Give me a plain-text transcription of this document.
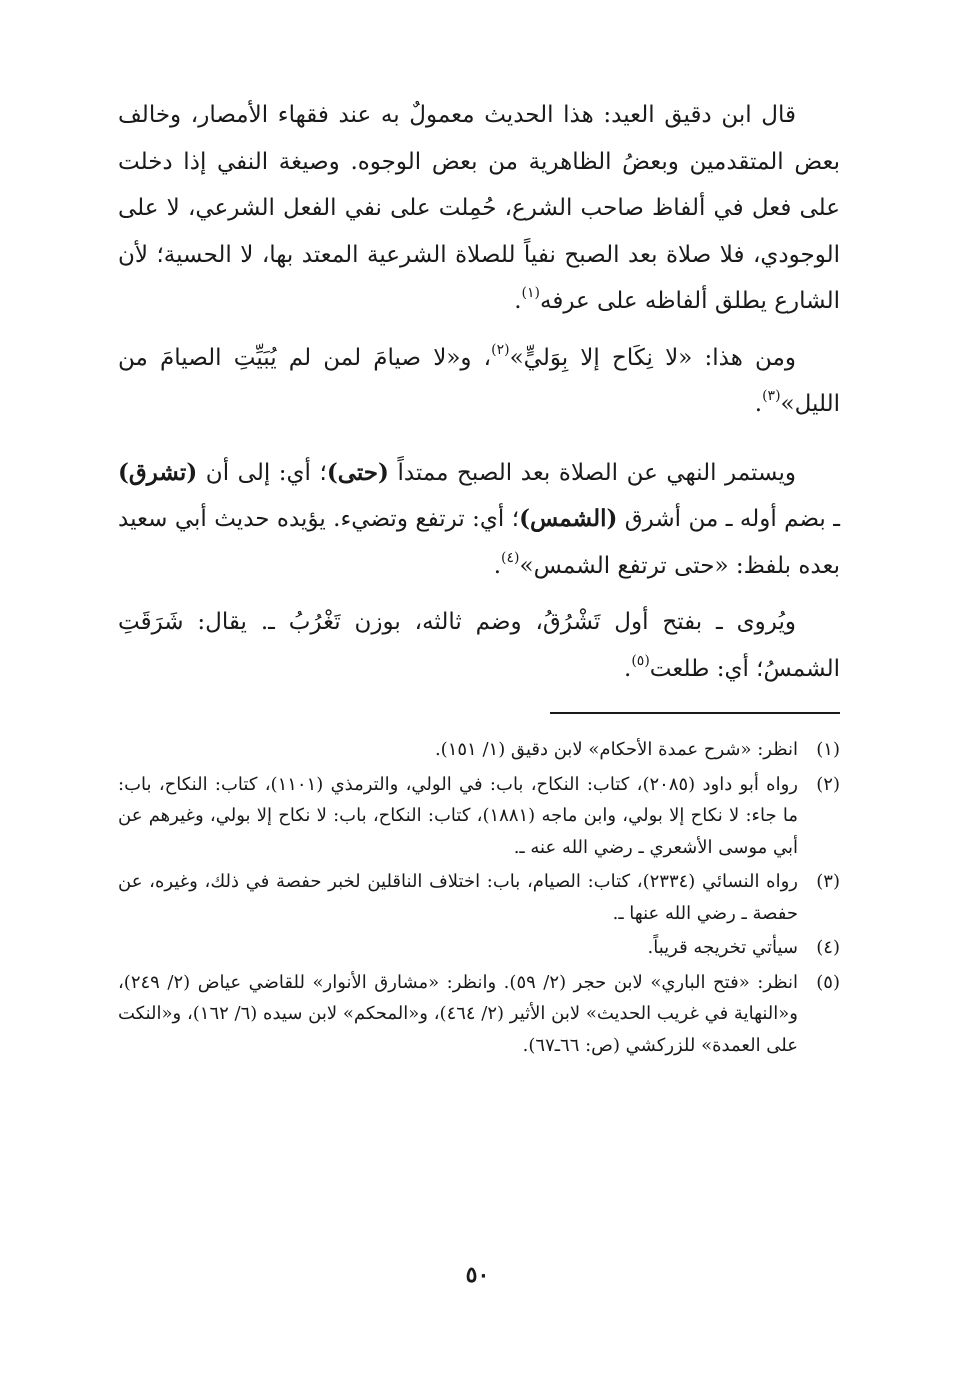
قال ابن دقيق العيد: هذا الحديث معمولٌ به عند فقهاء الأمصار، وخالف بعض المتقدمين وبعضُ الظاهرية من بعض الوجوه. وصيغة النفي إذا دخلت على فعل في ألفاظ صاحب الشرع، حُمِلت على نفي الفعل الشرعي، لا على الوجودي، فلا صلاة بعد الصبح نفياً للصلاة الشرعية المعتد بها، لا الحسية؛ لأن الشارع يطلق ألفاظه على عرفه$^{(١)}$.

ومن هذا: «لا نِكَاح إلا بِوَليٍّ»$^{(٢)}$، و«لا صيامَ لمن لم يُبَيِّتِ الصيامَ من الليل»$^{(٣)}$.

ويستمر النهي عن الصلاة بعد الصبح ممتداً (حتى)؛ أي: إلى أن (تشرق) ـ بضم أوله ـ من أشرق (الشمس)؛ أي: ترتفع وتضيء. يؤيده حديث أبي سعيد بعده بلفظ: «حتى ترتفع الشمس»$^{(٤)}$.

ويُروى ـ بفتح أول تَشْرُقُ، وضم ثالثه، بوزن تَغْرُبُ ـ. يقال: شَرَقَتِ الشمسُ؛ أي: طلعت$^{(٥)}$.

(١)
انظر: «شرح عمدة الأحكام» لابن دقيق (١/ ١٥١).
(٢)
رواه أبو داود (٢٠٨٥)، كتاب: النكاح، باب: في الولي، والترمذي (١١٠١)، كتاب: النكاح، باب: ما جاء: لا نكاح إلا بولي، وابن ماجه (١٨٨١)، كتاب: النكاح، باب: لا نكاح إلا بولي، وغيرهم عن أبي موسى الأشعري ـ رضي الله عنه ـ.
(٣)
رواه النسائي (٢٣٣٤)، كتاب: الصيام، باب: اختلاف الناقلين لخبر حفصة في ذلك، وغيره، عن حفصة ـ رضي الله عنها ـ.
(٤)
سيأتي تخريجه قريباً.
(٥)
انظر: «فتح الباري» لابن حجر (٢/ ٥٩). وانظر: «مشارق الأنوار» للقاضي عياض (٢/ ٢٤٩)، و«النهاية في غريب الحديث» لابن الأثير (٢/ ٤٦٤)، و«المحكم» لابن سيده (٦/ ١٦٢)، و«النكت على العمدة» للزركشي (ص: ٦٦ـ٦٧).
٥٠
